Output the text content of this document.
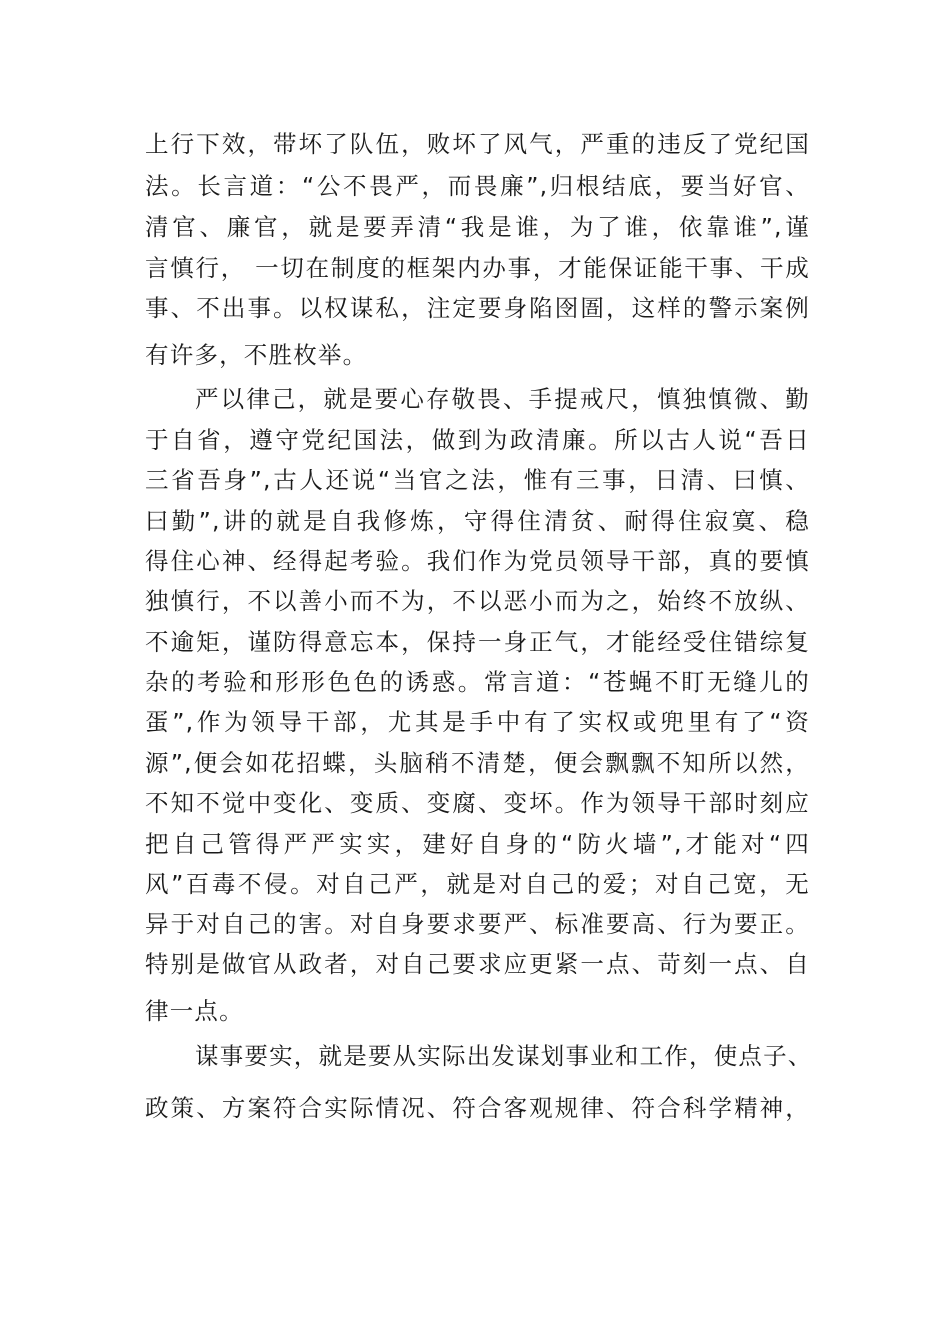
上行下效，带坏了队伍，败坏了风气，严重的违反了党纪国
法。长言道：“公不畏严，而畏廉”,归根结底，要当好官、
清官、廉官，就是要弄清“我是谁，为了谁，依靠谁”,谨
言慎行， 一切在制度的框架内办事，才能保证能干事、干成
事、不出事。以权谋私，注定要身陷囹圄，这样的警示案例
有许多，不胜枚举。
严以律己，就是要心存敬畏、手提戒尺，慎独慎微、勤
于自省，遵守党纪国法，做到为政清廉。所以古人说“吾日
三省吾身”,古人还说“当官之法，惟有三事，日清、曰慎、
曰勤”,讲的就是自我修炼，守得住清贫、耐得住寂寞、稳
得住心神、经得起考验。我们作为党员领导干部，真的要慎
独慎行，不以善小而不为，不以恶小而为之，始终不放纵、
不逾矩，谨防得意忘本，保持一身正气，才能经受住错综复
杂的考验和形形色色的诱惑。常言道：“苍蝇不盯无缝儿的
蛋”,作为领导干部，尤其是手中有了实权或兜里有了“资
源”,便会如花招蝶，头脑稍不清楚，便会飘飘不知所以然，
不知不觉中变化、变质、变腐、变坏。作为领导干部时刻应
把自己管得严严实实，建好自身的“防火墙”,才能对“四
风”百毒不侵。对自己严，就是对自己的爱；对自己宽，无
异于对自己的害。对自身要求要严、标准要高、行为要正。
特别是做官从政者，对自己要求应更紧一点、苛刻一点、自
律一点。
谋事要实，就是要从实际出发谋划事业和工作，使点子、
政策、方案符合实际情况、符合客观规律、符合科学精神，
